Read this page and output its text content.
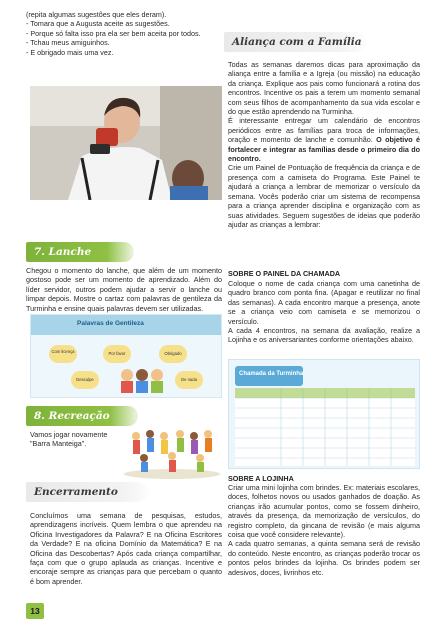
(repita algumas sugestões que eles deram).

- Tomara que a Augusta aceite as sugestões.

- Porque só falta isso pra ela ser bem aceita por todos.

- Tchau meus amiguinhos.

- E obrigado mais uma vez.

7. Lanche
Chegou o momento do lanche, que além de um momento gostoso pode ser um momento de aprendizado. Além do líder servidor, outros podem ajudar a servir o lanche ou limpar depois. Mostre o cartaz com palavras de gentileza da Turminha e ensine quais palavras devem ser utilizadas.
Palavras de Gentileza
Com licença	Por favor	Obrigado
Desculpe	De nada
8. Recreação

Vamos jogar novamente

"Barra Manteiga".

Encerramento
Concluímos uma semana de pesquisas, estudos, aprendizagens incríveis. Quem lembra o que aprendeu na Oficina Investigadores da Palavra? E na Oficina Escritores da Verdade? E na oficina Domínio da Matemática? E na Oficina das Descobertas? Após cada criança compartilhar, faça com que o grupo aplauda as crianças. Incentive e encoraje sempre as crianças para que percebam o quanto é bom aprender.
13
Aliança com a Família

Todas as semanas daremos dicas para aproximação da aliança entre a família e a Igreja (ou missão) na educação da criança. Explique aos pais como funcionará a rotina dos encontros. Incentive os pais a terem um momento semanal com seus filhos de acompanhamento da sua vida escolar e do que estão aprendendo na Turminha.

É interessante entregar um calendário de encontros periódicos entre as famílias para troca de informações, oração e momento de lanche e comunhão. O objetivo é fortalecer e integrar as famílias desde o primeiro dia do encontro.

Crie um Painel de Pontuação de frequência da criança e de presença com a camiseta do Programa. Este Painel te ajudará a criança a lembrar de memorizar o versículo da semana. Vocês poderão criar um sistema de recompensa para a criança aprender disciplina e organização com as suas atividades. Seguem sugestões de ideias que poderão ajudar as crianças a lembrar:

SOBRE O PAINEL DA CHAMADA

Coloque o nome de cada criança com uma canetinha de quadro branco com ponta fina. (Apagar e reutilizar no final das semanas). A cada encontro marque a presença, anote se a criança veio com camiseta e se memorizou o versículo.

A cada 4 encontros, na semana da avaliação, realize a Lojinha e os aniversariantes conforme orientações abaixo.

Chamada da Turminha
SOBRE A LOJINHA

Criar uma mini lojinha com brindes. Ex: materiais escolares, doces, folhetos novos ou usados ganhados de doação. As crianças irão acumular pontos, como se fossem dinheiro, através da presença, da memorização de versículos, do registro completo, da gincana de revisão (e mais alguma coisa que você considere relevante).

A cada quatro semanas, a quinta semana será de revisão do conteúdo. Neste encontro, as crianças poderão trocar os pontos pelos brindes da lojinha. Os brindes podem ser adesivos, doces, livrinhos etc.
